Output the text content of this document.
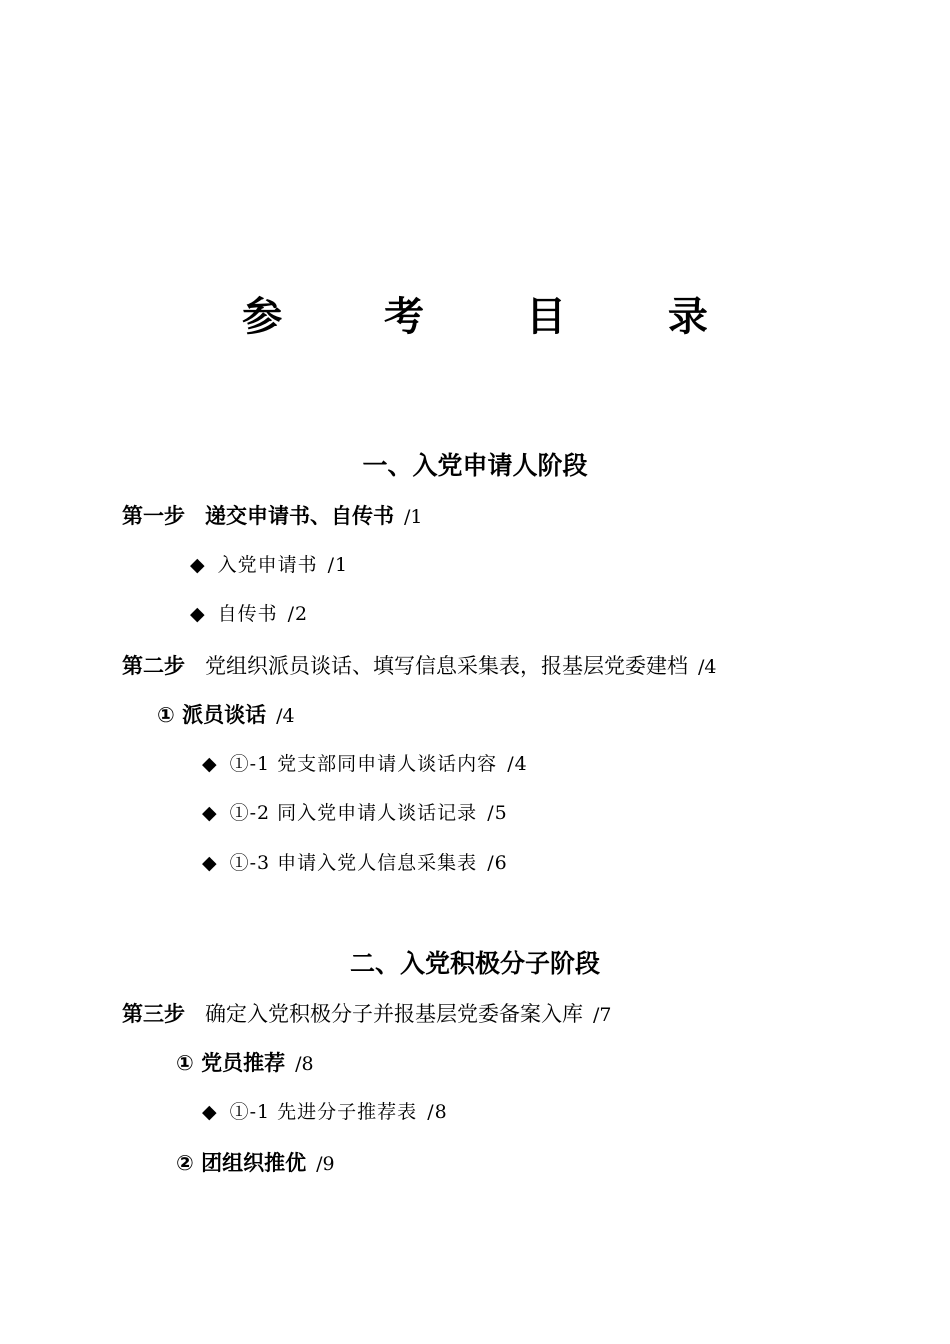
参 考 目 录
一、入党申请人阶段
第一步 递交申请书、自传书 /1
◆ 入党申请书 /1
◆ 自传书 /2
第二步 党组织派员谈话、填写信息采集表，报基层党委建档 /4
① 派员谈话 /4
◆ ①-1 党支部同申请人谈话内容 /4
◆ ①-2 同入党申请人谈话记录 /5
◆ ①-3 申请入党人信息采集表 /6
二、入党积极分子阶段
第三步 确定入党积极分子并报基层党委备案入库 /7
① 党员推荐 /8
◆ ①-1 先进分子推荐表 /8
② 团组织推优 /9
